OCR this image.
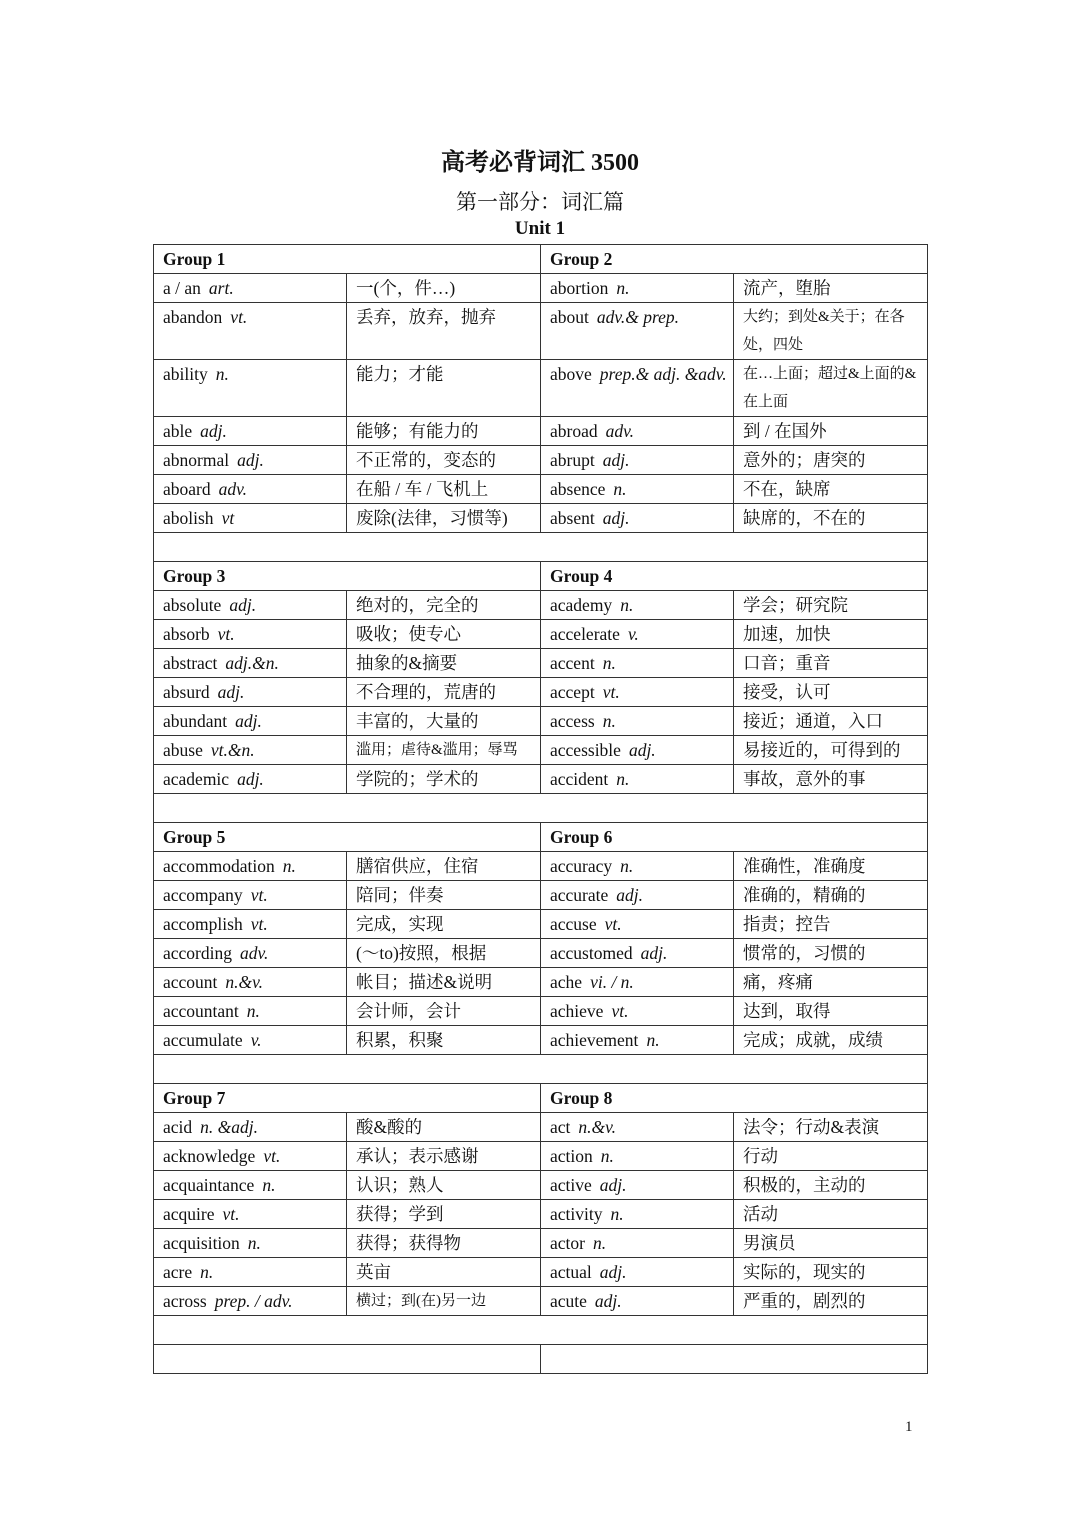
高考必背词汇 3500
第一部分：词汇篇
Unit 1
Group 1		Group 2	
a / an art.	一(个，件…)	abortion n.	流产，堕胎
abandon vt.	丢弃，放弃，抛弃	about adv.& prep.	大约；到处&关于；在各处，四处
ability n.	能力；才能	above prep.& adj. &adv.	在…上面；超过&上面的&在上面
able adj.	能够；有能力的	abroad adv.	到 / 在国外
abnormal adj.	不正常的，变态的	abrupt adj.	意外的；唐突的
aboard adv.	在船 / 车 / 飞机上	absence n.	不在，缺席
abolish vt	废除(法律，习惯等)	absent adj.	缺席的，不在的

Group 3		Group 4	
absolute adj.	绝对的，完全的	academy n.	学会；研究院
absorb vt.	吸收；使专心	accelerate v.	加速，加快
abstract adj.&n.	抽象的&摘要	accent n.	口音；重音
absurd adj.	不合理的，荒唐的	accept vt.	接受，认可
abundant adj.	丰富的，大量的	access n.	接近；通道，入口
abuse vt.&n.	滥用；虐待&滥用；辱骂	accessible adj.	易接近的，可得到的
academic adj.	学院的；学术的	accident n.	事故，意外的事

Group 5		Group 6	
accommodation n.	膳宿供应，住宿	accuracy n.	准确性，准确度
accompany vt.	陪同；伴奏	accurate adj.	准确的，精确的
accomplish vt.	完成，实现	accuse vt.	指责；控告
according adv.	(～to)按照，根据	accustomed adj.	惯常的，习惯的
account n.&v.	帐目；描述&说明	ache vi. / n.	痛，疼痛
accountant n.	会计师，会计	achieve vt.	达到，取得
accumulate v.	积累，积聚	achievement n.	完成；成就，成绩

Group 7		Group 8	
acid n. &adj.	酸&酸的	act n.&v.	法令；行动&表演
acknowledge vt.	承认；表示感谢	action n.	行动
acquaintance n.	认识；熟人	active adj.	积极的，主动的
acquire vt.	获得；学到	activity n.	活动
acquisition n.	获得；获得物	actor n.	男演员
acre n.	英亩	actual adj.	实际的，现实的
across prep. / adv.	横过；到(在)另一边	acute adj.	严重的，剧烈的

1
